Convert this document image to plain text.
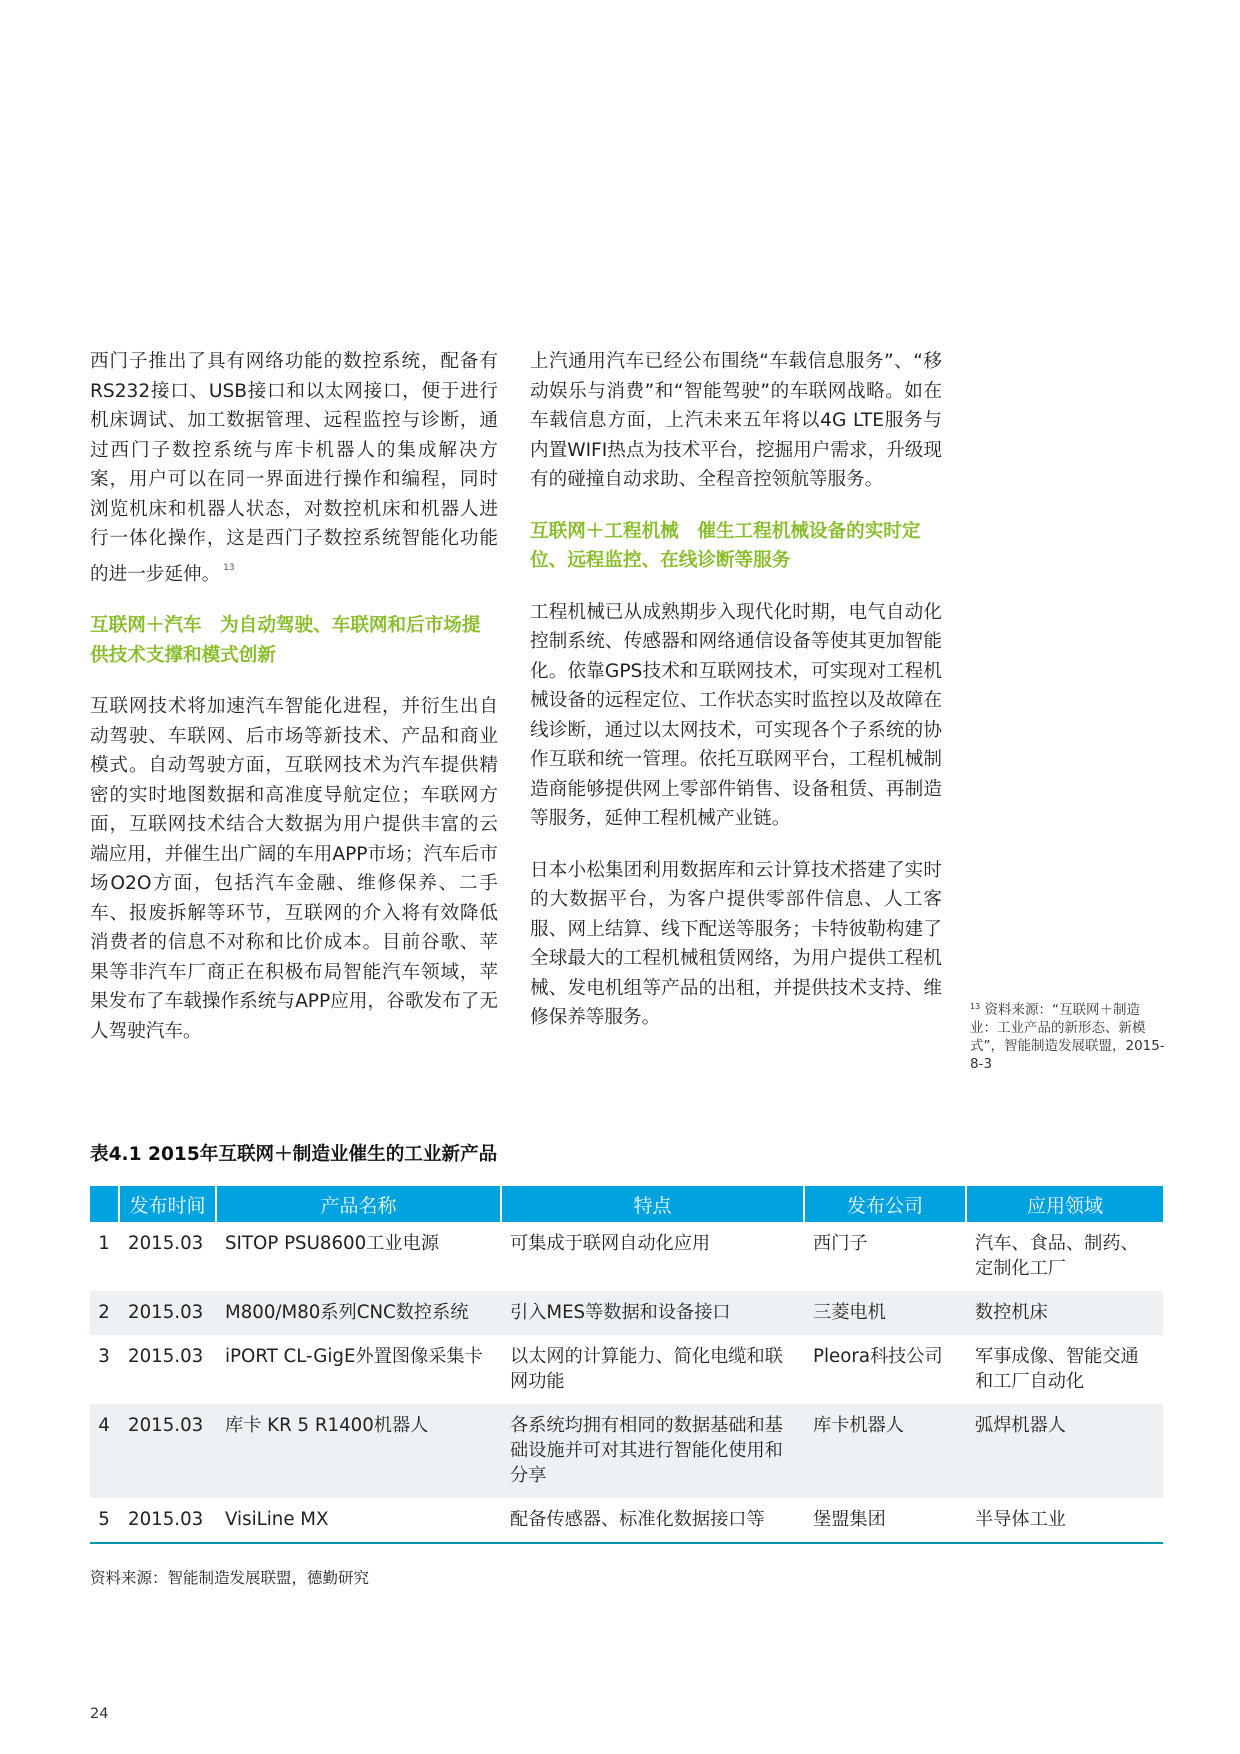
西门子推出了具有网络功能的数控系统，配备有RS232接口、USB接口和以太网接口，便于进行机床调试、加工数据管理、远程监控与诊断，通过西门子数控系统与库卡机器人的集成解决方案，用户可以在同一界面进行操作和编程，同时浏览机床和机器人状态，对数控机床和机器人进行一体化操作，这是西门子数控系统智能化功能的进一步延伸。 $^{13}$

互联网＋汽车　为自动驾驶、车联网和后市场提供技术支撑和模式创新

互联网技术将加速汽车智能化进程，并衍生出自动驾驶、车联网、后市场等新技术、产品和商业模式。自动驾驶方面，互联网技术为汽车提供精密的实时地图数据和高准度导航定位；车联网方面，互联网技术结合大数据为用户提供丰富的云端应用，并催生出广阔的车用APP市场；汽车后市场O2O方面，包括汽车金融、维修保养、二手车、报废拆解等环节，互联网的介入将有效降低消费者的信息不对称和比价成本。目前谷歌、苹果等非汽车厂商正在积极布局智能汽车领域，苹果发布了车载操作系统与APP应用，谷歌发布了无人驾驶汽车。

上汽通用汽车已经公布围绕“车载信息服务”、“移动娱乐与消费”和“智能驾驶”的车联网战略。如在车载信息方面，上汽未来五年将以4G LTE服务与内置WIFI热点为技术平台，挖掘用户需求，升级现有的碰撞自动求助、全程音控领航等服务。

互联网＋工程机械　催生工程机械设备的实时定位、远程监控、在线诊断等服务

工程机械已从成熟期步入现代化时期，电气自动化控制系统、传感器和网络通信设备等使其更加智能化。依靠GPS技术和互联网技术，可实现对工程机械设备的远程定位、工作状态实时监控以及故障在线诊断，通过以太网技术，可实现各个子系统的协作互联和统一管理。依托互联网平台，工程机械制造商能够提供网上零部件销售、设备租赁、再制造等服务，延伸工程机械产业链。

日本小松集团利用数据库和云计算技术搭建了实时的大数据平台，为客户提供零部件信息、人工客服、网上结算、线下配送等服务；卡特彼勒构建了全球最大的工程机械租赁网络，为用户提供工程机械、发电机组等产品的出租，并提供技术支持、维修保养等服务。

$^{13}$ 资料来源：“互联网＋制造业：工业产品的新形态、新模式”，智能制造发展联盟，2015-8-3
表4.1 2015年互联网＋制造业催生的工业新产品
	发布时间	产品名称	特点	发布公司	应用领域
1	2015.03	SITOP PSU8600工业电源	可集成于联网自动化应用	西门子	汽车、食品、制药、定制化工厂
2	2015.03	M800/M80系列CNC数控系统	引入MES等数据和设备接口	三菱电机	数控机床
3	2015.03	iPORT CL-GigE外置图像采集卡	以太网的计算能力、简化电缆和联网功能	Pleora科技公司	军事成像、智能交通和工厂自动化
4	2015.03	库卡 KR 5 R1400机器人	各系统均拥有相同的数据基础和基础设施并可对其进行智能化使用和分享	库卡机器人	弧焊机器人
5	2015.03	VisiLine MX	配备传感器、标准化数据接口等	堡盟集团	半导体工业
资料来源：智能制造发展联盟，德勤研究
24
